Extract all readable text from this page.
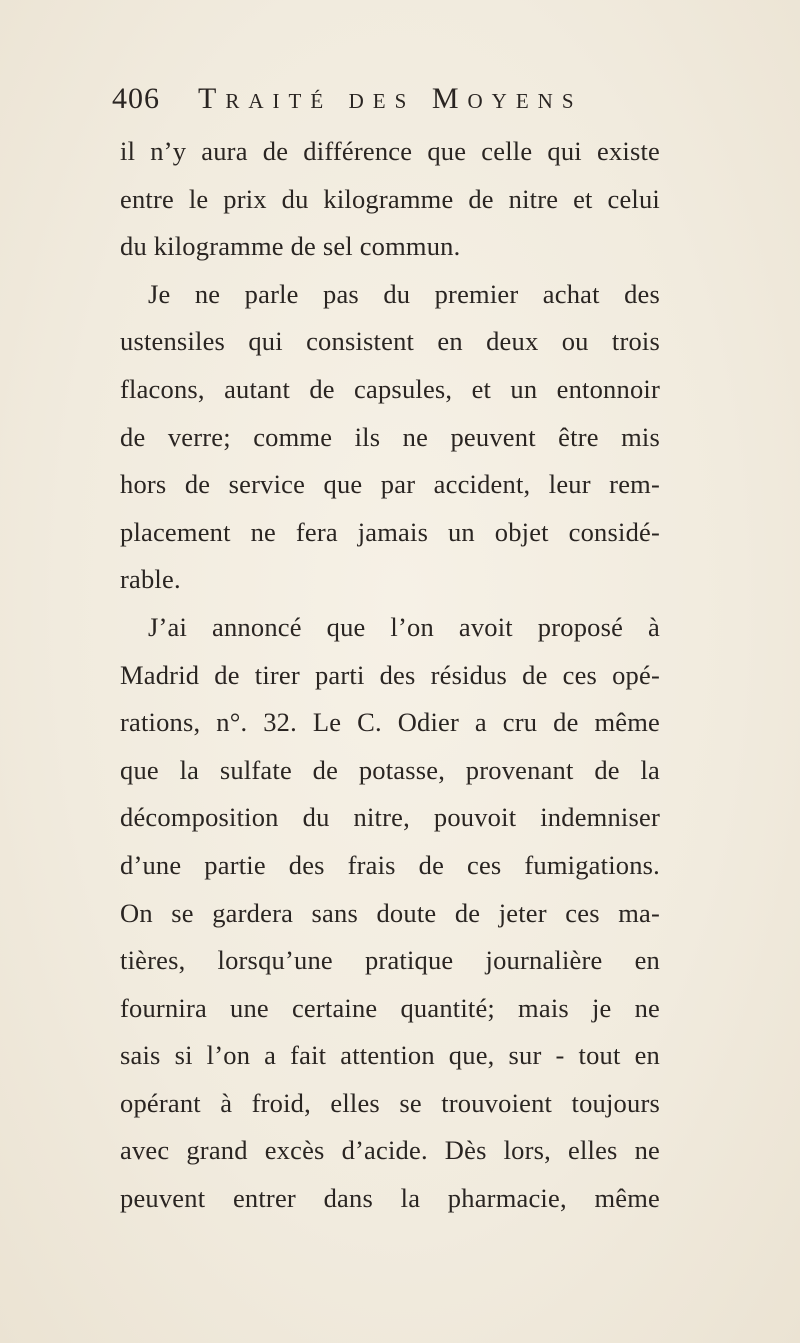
406 Traité des Moyens
il n’y aura de différence que celle qui existe
entre le prix du kilogramme de nitre et celui
du kilogramme de sel commun.
Je ne parle pas du premier achat des
ustensiles qui consistent en deux ou trois
flacons, autant de capsules, et un entonnoir
de verre; comme ils ne peuvent être mis
hors de service que par accident, leur rem-
placement ne fera jamais un objet considé-
rable.
J’ai annoncé que l’on avoit proposé à
Madrid de tirer parti des résidus de ces opé-
rations, n°. 32. Le C. Odier a cru de même
que la sulfate de potasse, provenant de la
décomposition du nitre, pouvoit indemniser
d’une partie des frais de ces fumigations.
On se gardera sans doute de jeter ces ma-
tières, lorsqu’une pratique journalière en
fournira une certaine quantité; mais je ne
sais si l’on a fait attention que, sur - tout en
opérant à froid, elles se trouvoient toujours
avec grand excès d’acide. Dès lors, elles ne
peuvent entrer dans la pharmacie, même
